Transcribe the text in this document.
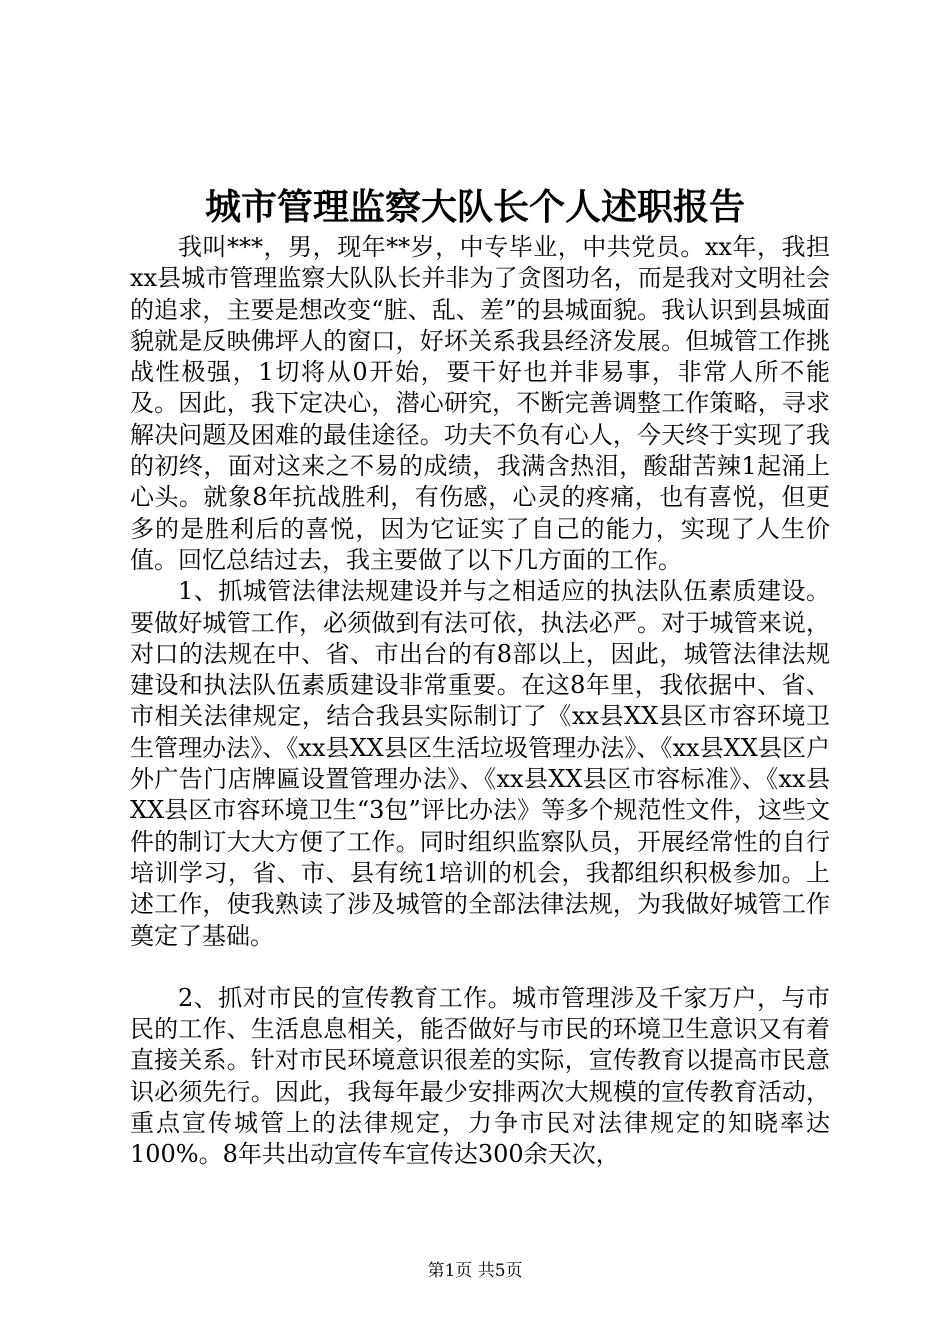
城市管理监察大队长个人述职报告

我叫***，男，现年**岁，中专毕业，中共党员。xx年，我担xx县城市管理监察大队队长并非为了贪图功名，而是我对文明社会的追求，主要是想改变“脏、乱、差”的县城面貌。我认识到县城面貌就是反映佛坪人的窗口，好坏关系我县经济发展。但城管工作挑战性极强，1切将从0开始，要干好也并非易事，非常人所不能及。因此，我下定决心，潜心研究，不断完善调整工作策略，寻求解决问题及困难的最佳途径。功夫不负有心人，今天终于实现了我的初终，面对这来之不易的成绩，我满含热泪，酸甜苦辣1起涌上心头。就象8年抗战胜利，有伤感，心灵的疼痛，也有喜悦，但更多的是胜利后的喜悦，因为它证实了自己的能力，实现了人生价值。回忆总结过去，我主要做了以下几方面的工作。

1、抓城管法律法规建设并与之相适应的执法队伍素质建设。要做好城管工作，必须做到有法可依，执法必严。对于城管来说，对口的法规在中、省、市出台的有8部以上，因此，城管法律法规建设和执法队伍素质建设非常重要。在这8年里，我依据中、省、市相关法律规定，结合我县实际制订了《xx县XX县区市容环境卫生管理办法》、《xx县XX县区生活垃圾管理办法》、《xx县XX县区户外广告门店牌匾设置管理办法》、《xx县XX县区市容标准》、《xx县XX县区市容环境卫生“3包”评比办法》等多个规范性文件，这些文件的制订大大方便了工作。同时组织监察队员，开展经常性的自行培训学习，省、市、县有统1培训的机会，我都组织积极参加。上述工作，使我熟读了涉及城管的全部法律法规，为我做好城管工作奠定了基础。

2、抓对市民的宣传教育工作。城市管理涉及千家万户，与市民的工作、生活息息相关，能否做好与市民的环境卫生意识又有着直接关系。针对市民环境意识很差的实际，宣传教育以提高市民意识必须先行。因此，我每年最少安排两次大规模的宣传教育活动，重点宣传城管上的法律规定，力争市民对法律规定的知晓率达100%。8年共出动宣传车宣传达300余天次，

第1页 共5页
